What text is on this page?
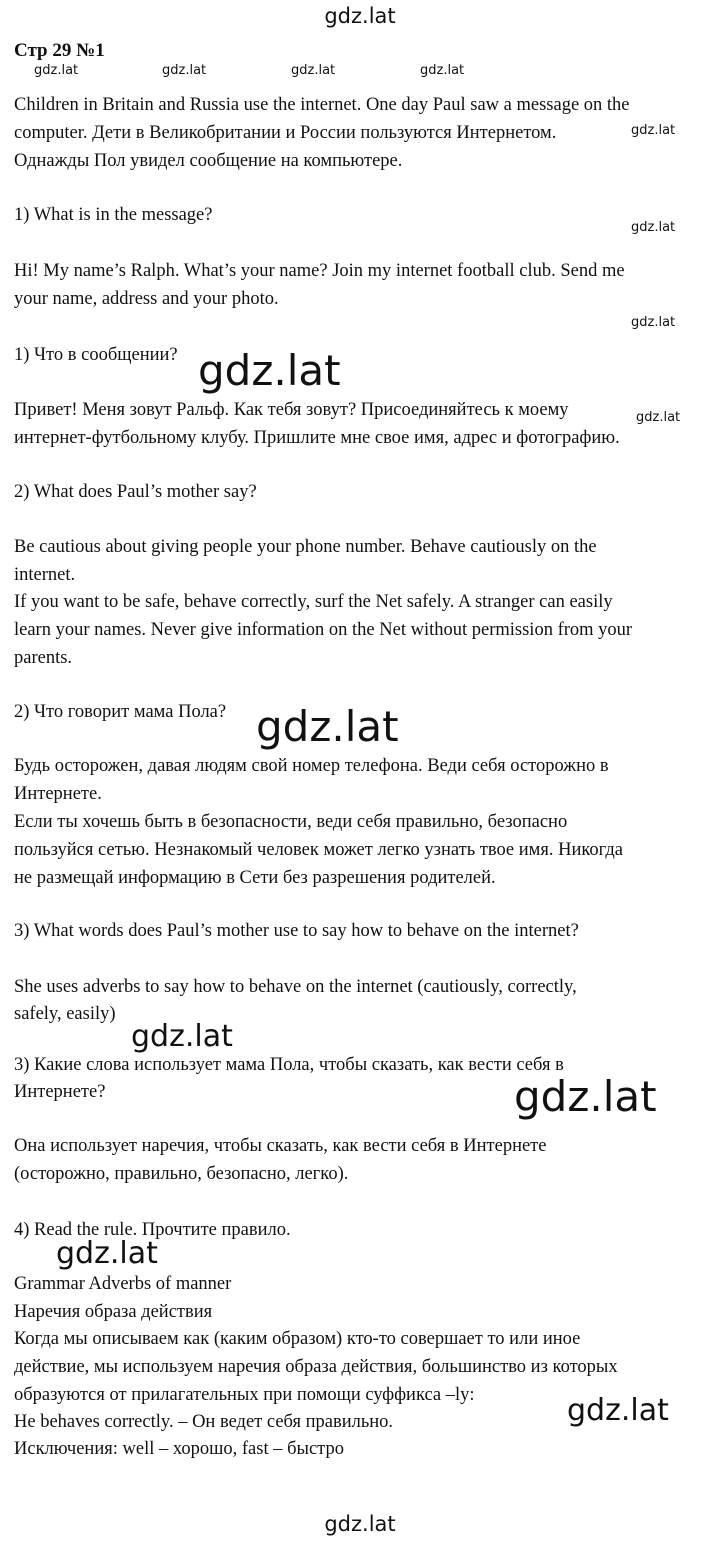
gdz.lat
gdz.lat	gdz.lat	gdz.lat	gdz.lat
gdz.lat
gdz.lat
gdz.lat
gdz.lat
gdz.lat
gdz.lat
gdz.lat
gdz.lat
gdz.lat
gdz.lat
gdz.lat
Стр 29 №1
Children in Britain and Russia use the internet. One day Paul saw a message on the
computer. Дети в Великобритании и России пользуются Интернетом.
Однажды Пол увидел сообщение на компьютере.
1) What is in the message?
Hi! My name’s Ralph. What’s your name? Join my internet football club. Send me
your name, address and your photo.
1) Что в сообщении?
Привет! Меня зовут Ральф. Как тебя зовут? Присоединяйтесь к моему
интернет-футбольному клубу. Пришлите мне свое имя, адрес и фотографию.
2) What does Paul’s mother say?
Be cautious about giving people your phone number. Behave cautiously on the
internet.
If you want to be safe, behave correctly, surf the Net safely. A stranger can easily
learn your names. Never give information on the Net without permission from your
parents.
2) Что говорит мама Пола?
Будь осторожен, давая людям свой номер телефона. Веди себя осторожно в
Интернете.
Если ты хочешь быть в безопасности, веди себя правильно, безопасно
пользуйся сетью. Незнакомый человек может легко узнать твое имя. Никогда
не размещай информацию в Сети без разрешения родителей.
3) What words does Paul’s mother use to say how to behave on the internet?
She uses adverbs to say how to behave on the internet (cautiously, correctly,
safely, easily)
3) Какие слова использует мама Пола, чтобы сказать, как вести себя в
Интернете?
Она использует наречия, чтобы сказать, как вести себя в Интернете
(осторожно, правильно, безопасно, легко).
4) Read the rule. Прочтите правило.
Grammar Adverbs of manner
Наречия образа действия
Когда мы описываем как (каким образом) кто-то совершает то или иное
действие, мы используем наречия образа действия, большинство из которых
образуются от прилагательных при помощи суффикса –ly:
He behaves correctly. – Он ведет себя правильно.
Исключения: well – хорошо, fast – быстро
